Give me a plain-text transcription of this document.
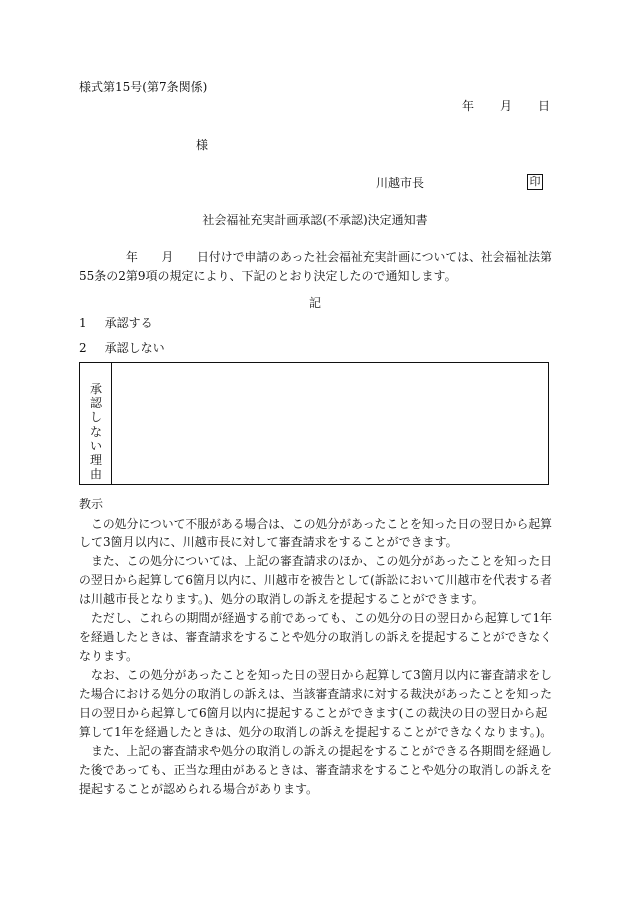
様式第15号(第7条関係)
年 月 日
様
川越市長	印
社会福祉充実計画承認(不承認)決定通知書
年　　月　　日付けで申請のあった社会福祉充実計画については、社会福祉法第
55条の2第9項の規定により、下記のとおり決定したので通知します。
記
1 承認する
2 承認しない
承認しない理由
教示
この処分について不服がある場合は、この処分があったことを知った日の翌日から起算
して3箇月以内に、川越市長に対して審査請求をすることができます。
また、この処分については、上記の審査請求のほか、この処分があったことを知った日
の翌日から起算して6箇月以内に、川越市を被告として(訴訟において川越市を代表する者
は川越市長となります。)、処分の取消しの訴えを提起することができます。
ただし、これらの期間が経過する前であっても、この処分の日の翌日から起算して1年
を経過したときは、審査請求をすることや処分の取消しの訴えを提起することができなく
なります。
なお、この処分があったことを知った日の翌日から起算して3箇月以内に審査請求をし
た場合における処分の取消しの訴えは、当該審査請求に対する裁決があったことを知った
日の翌日から起算して6箇月以内に提起することができます(この裁決の日の翌日から起
算して1年を経過したときは、処分の取消しの訴えを提起することができなくなります。)。
また、上記の審査請求や処分の取消しの訴えの提起をすることができる各期間を経過し
た後であっても、正当な理由があるときは、審査請求をすることや処分の取消しの訴えを
提起することが認められる場合があります。
